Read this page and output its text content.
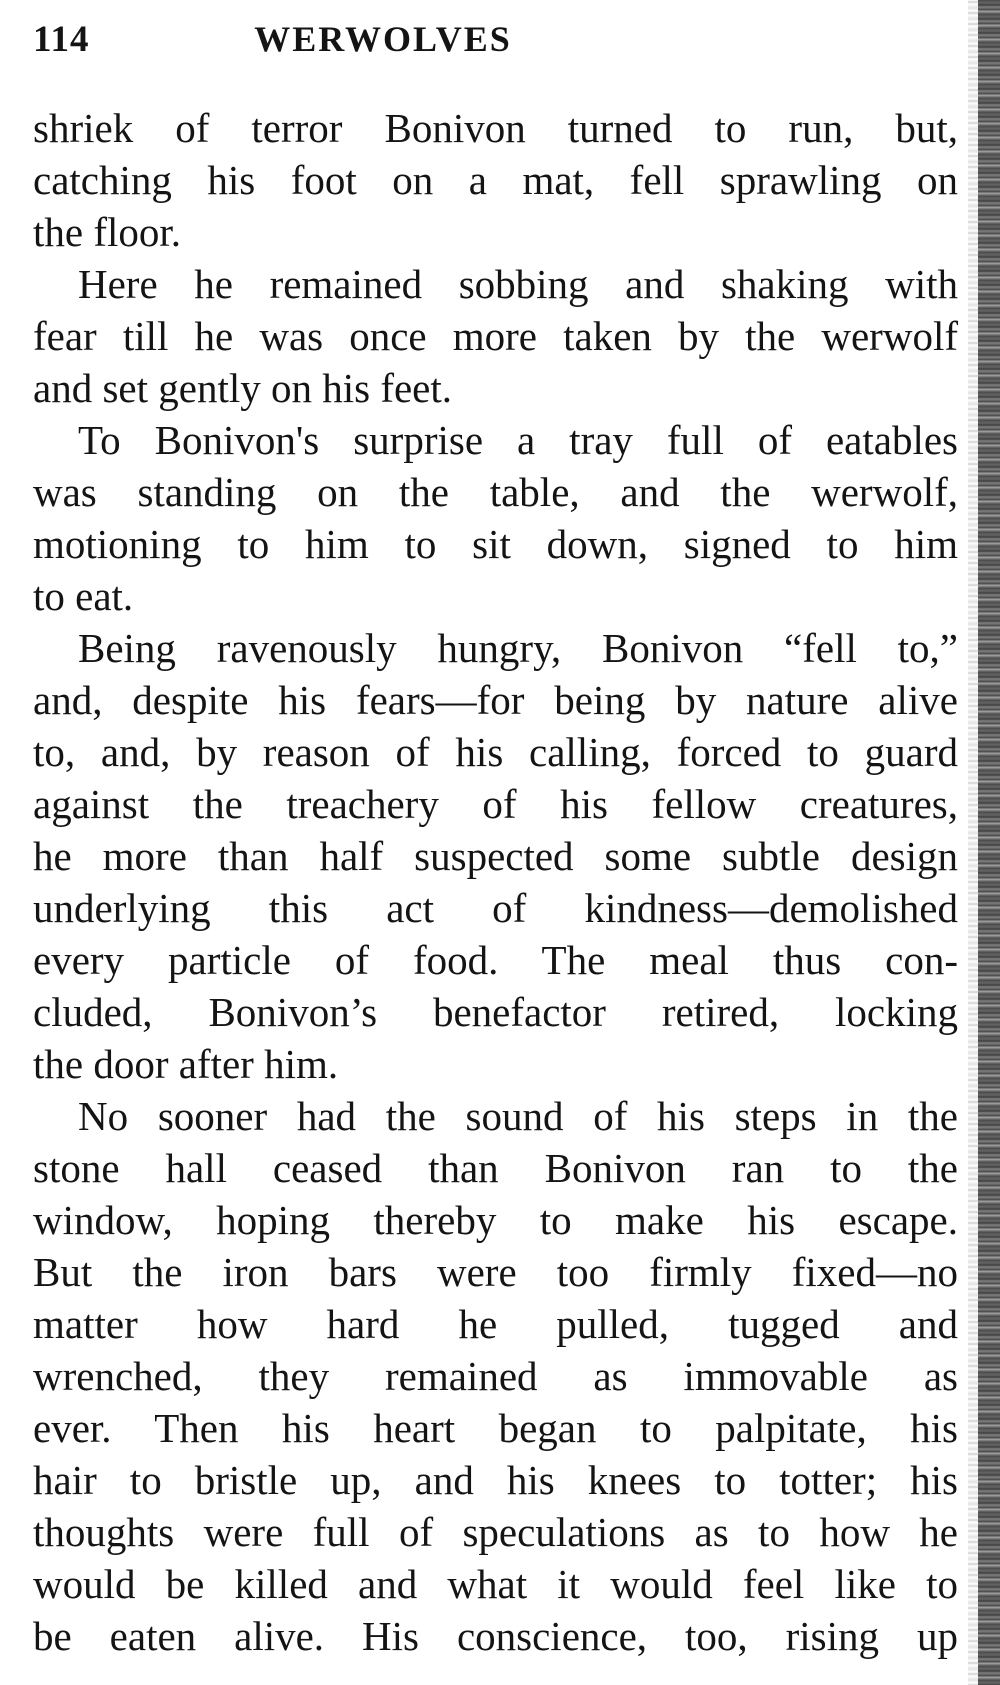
114	WERWOLVES
shriek of terror Bonivon turned to run, but,
catching his foot on a mat, fell sprawling on
the floor.
Here he remained sobbing and shaking with
fear till he was once more taken by the werwolf
and set gently on his feet.
To Bonivon's surprise a tray full of eatables
was standing on the table, and the werwolf,
motioning to him to sit down, signed to him
to eat.
Being ravenously hungry, Bonivon “fell to,”
and, despite his fears—for being by nature alive
to, and, by reason of his calling, forced to guard
against the treachery of his fellow creatures,
he more than half suspected some subtle design
underlying this act of kindness—demolished
every particle of food. The meal thus con-
cluded, Bonivon’s benefactor retired, locking
the door after him.
No sooner had the sound of his steps in the
stone hall ceased than Bonivon ran to the
window, hoping thereby to make his escape.
But the iron bars were too firmly fixed—no
matter how hard he pulled, tugged and
wrenched, they remained as immovable as
ever. Then his heart began to palpitate, his
hair to bristle up, and his knees to totter; his
thoughts were full of speculations as to how he
would be killed and what it would feel like to
be eaten alive. His conscience, too, rising up
